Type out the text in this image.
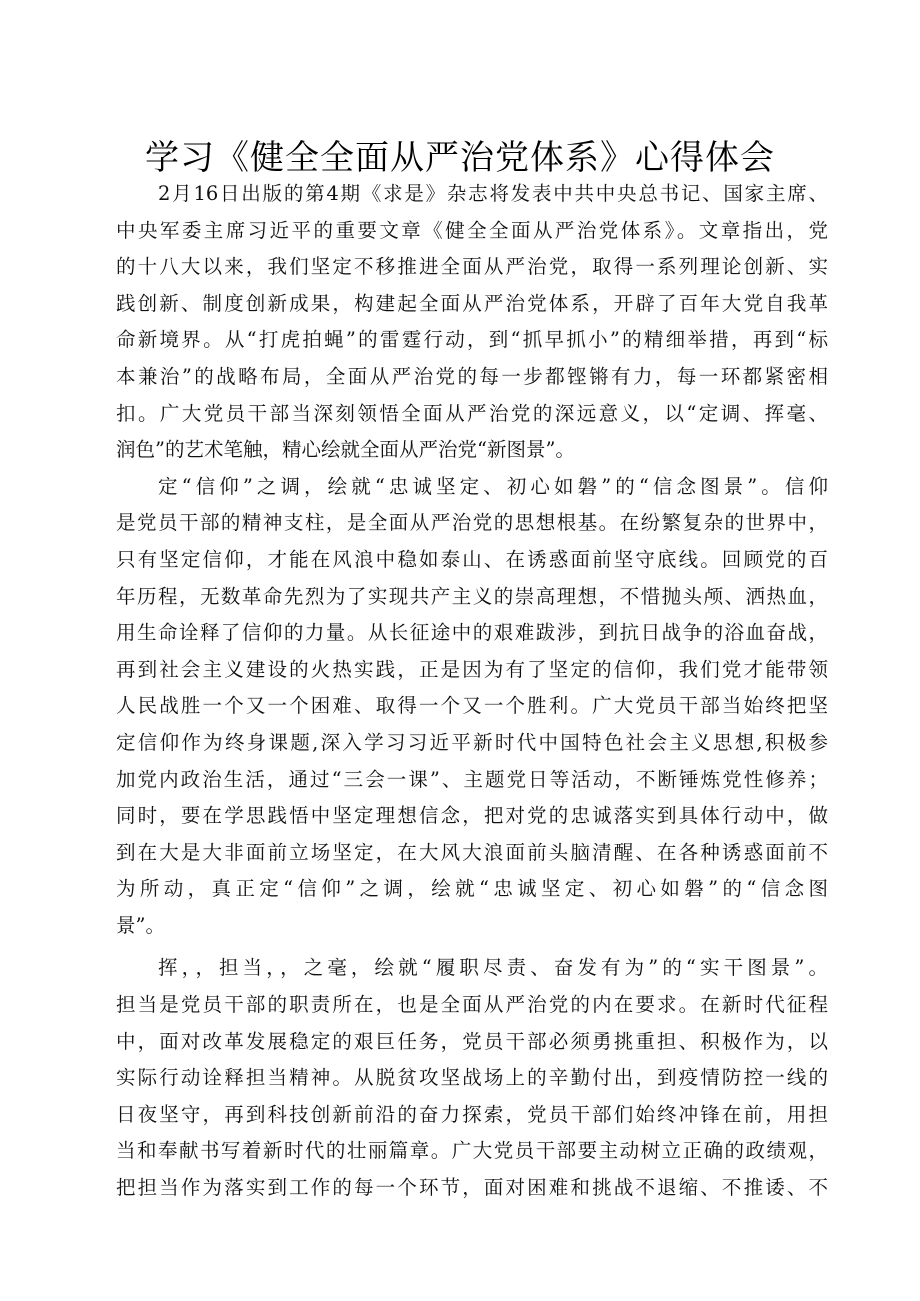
学习《健全全面从严治党体系》心得体会

2月16日出版的第4期《求是》杂志将发表中共中央总书记、国家主席、
中央军委主席习近平的重要文章《健全全面从严治党体系》。文章指出，党
的十八大以来，我们坚定不移推进全面从严治党，取得一系列理论创新、实
践创新、制度创新成果，构建起全面从严治党体系，开辟了百年大党自我革
命新境界。从“打虎拍蝇”的雷霆行动，到“抓早抓小”的精细举措，再到“标
本兼治”的战略布局，全面从严治党的每一步都铿锵有力，每一环都紧密相
扣。广大党员干部当深刻领悟全面从严治党的深远意义，以“定调、挥毫、
润色”的艺术笔触，精心绘就全面从严治党“新图景”。

定“信仰”之调，绘就“忠诚坚定、初心如磐”的“信念图景”。信仰
是党员干部的精神支柱，是全面从严治党的思想根基。在纷繁复杂的世界中，
只有坚定信仰，才能在风浪中稳如泰山、在诱惑面前坚守底线。回顾党的百
年历程，无数革命先烈为了实现共产主义的崇高理想，不惜抛头颅、洒热血，
用生命诠释了信仰的力量。从长征途中的艰难跋涉，到抗日战争的浴血奋战，
再到社会主义建设的火热实践，正是因为有了坚定的信仰，我们党才能带领
人民战胜一个又一个困难、取得一个又一个胜利。广大党员干部当始终把坚
定信仰作为终身课题,深入学习习近平新时代中国特色社会主义思想,积极参
加党内政治生活，通过“三会一课”、主题党日等活动，不断锤炼党性修养；
同时，要在学思践悟中坚定理想信念，把对党的忠诚落实到具体行动中，做
到在大是大非面前立场坚定，在大风大浪面前头脑清醒、在各种诱惑面前不
为所动，真正定“信仰”之调，绘就“忠诚坚定、初心如磐”的“信念图
景”。

挥，，担当，，之毫，绘就“履职尽责、奋发有为”的“实干图景”。
担当是党员干部的职责所在，也是全面从严治党的内在要求。在新时代征程
中，面对改革发展稳定的艰巨任务，党员干部必须勇挑重担、积极作为，以
实际行动诠释担当精神。从脱贫攻坚战场上的辛勤付出，到疫情防控一线的
日夜坚守，再到科技创新前沿的奋力探索，党员干部们始终冲锋在前，用担
当和奉献书写着新时代的壮丽篇章。广大党员干部要主动树立正确的政绩观，
把担当作为落实到工作的每一个环节，面对困难和挑战不退缩、不推诿、不
